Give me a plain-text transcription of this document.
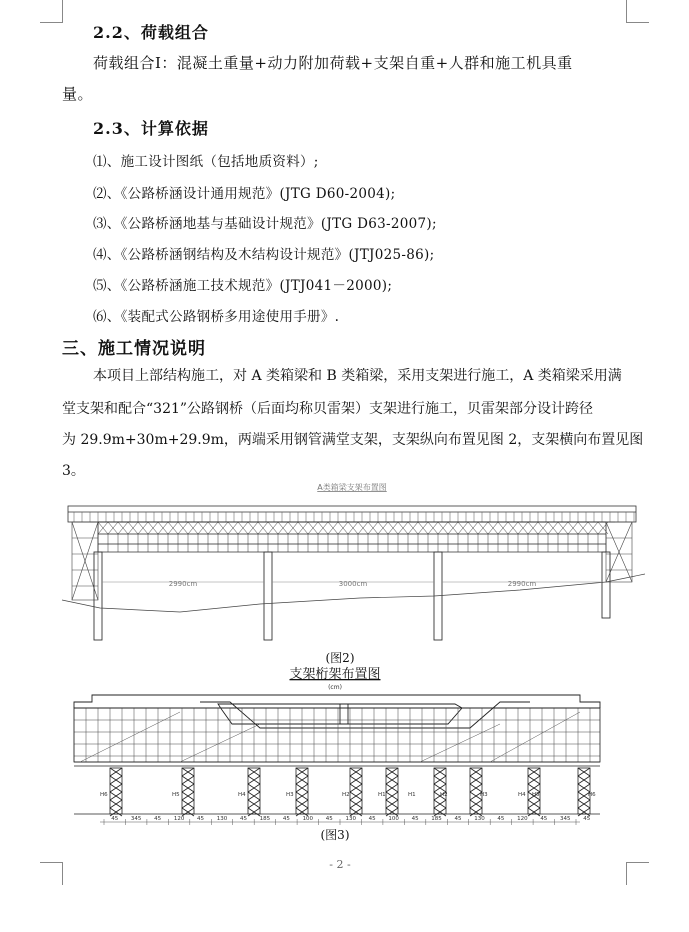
2.2、荷载组合
荷载组合Ⅰ：混凝土重量+动力附加荷载+支架自重+人群和施工机具重
量。
2.3、计算依据
⑴、施工设计图纸（包括地质资料）;
⑵、《公路桥涵设计通用规范》(JTG D60-2004);
⑶、《公路桥涵地基与基础设计规范》(JTG D63-2007);
⑷、《公路桥涵钢结构及木结构设计规范》(JTJ025-86);
⑸、《公路桥涵施工技术规范》(JTJ041－2000);
⑹、《装配式公路钢桥多用途使用手册》.
三、施工情况说明
本项目上部结构施工，对 A 类箱梁和 B 类箱梁，采用支架进行施工，A 类箱梁采用满
堂支架和配合“321”公路钢桥（后面均称贝雷架）支架进行施工，贝雷架部分设计跨径
为 29.9m+30m+29.9m，两端采用钢管满堂支架，支架纵向布置见图 2，支架横向布置见图
3。
A类箱梁支架布置图
2990cm	3000cm	2990cm
(图2)
支架桁架布置图
(cm)
H6	H5	H4	H3	H2	H1	H1	H2	H3	H4 H5	H6
45 345 45 120 45 130 45 185 45 100 45 130 45 100 45 185 45 130 45 120 45 345 45
(图3)
- 2 -
